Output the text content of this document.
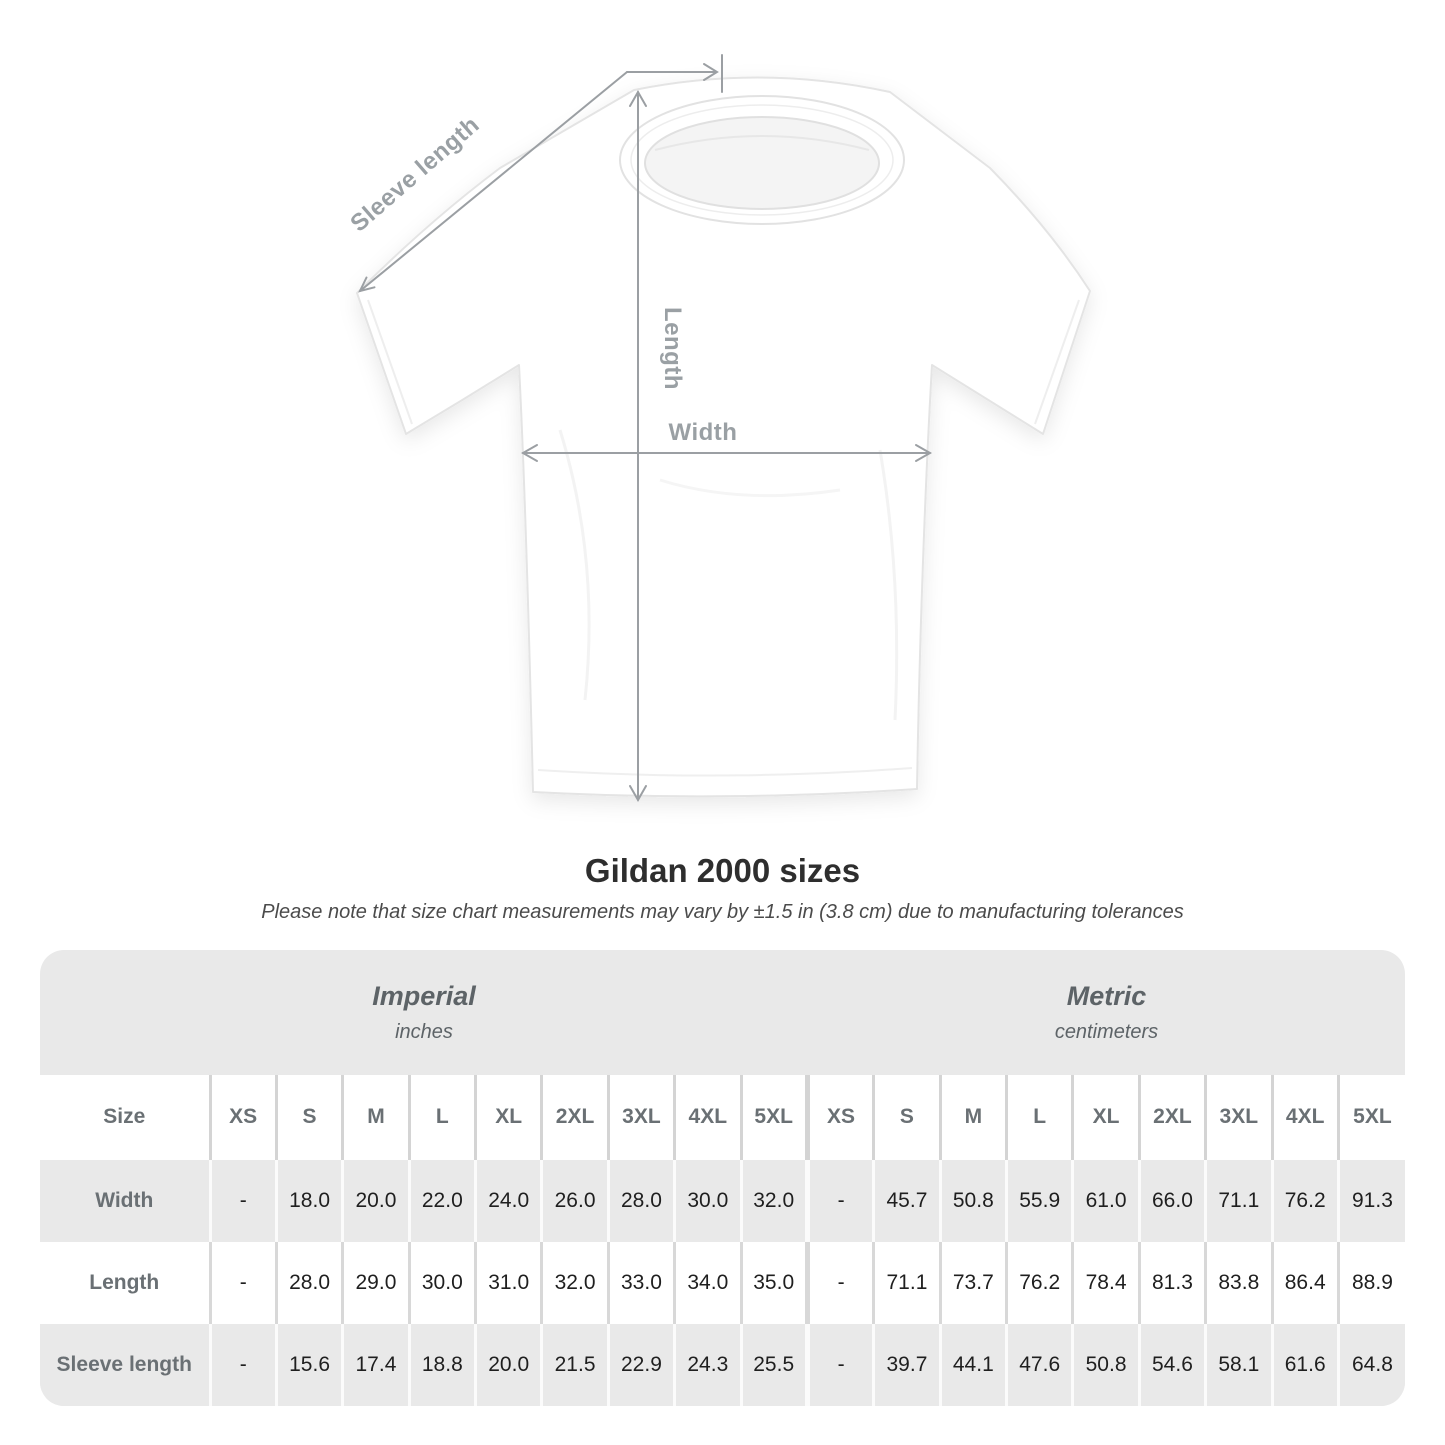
Sleeve length
Length
Width
Gildan 2000 sizes

Please note that size chart measurements may vary by ±1.5 in (3.8 cm) due to manufacturing tolerances

Imperial
inches
Metric
centimeters
Size	XS	S	M	L	XL	2XL	3XL	4XL	5XL	XS	S	M	L	XL	2XL	3XL	4XL	5XL
Width	-	18.0	20.0	22.0	24.0	26.0	28.0	30.0	32.0	-	45.7	50.8	55.9	61.0	66.0	71.1	76.2	91.3
Length	-	28.0	29.0	30.0	31.0	32.0	33.0	34.0	35.0	-	71.1	73.7	76.2	78.4	81.3	83.8	86.4	88.9
Sleeve length	-	15.6	17.4	18.8	20.0	21.5	22.9	24.3	25.5	-	39.7	44.1	47.6	50.8	54.6	58.1	61.6	64.8
